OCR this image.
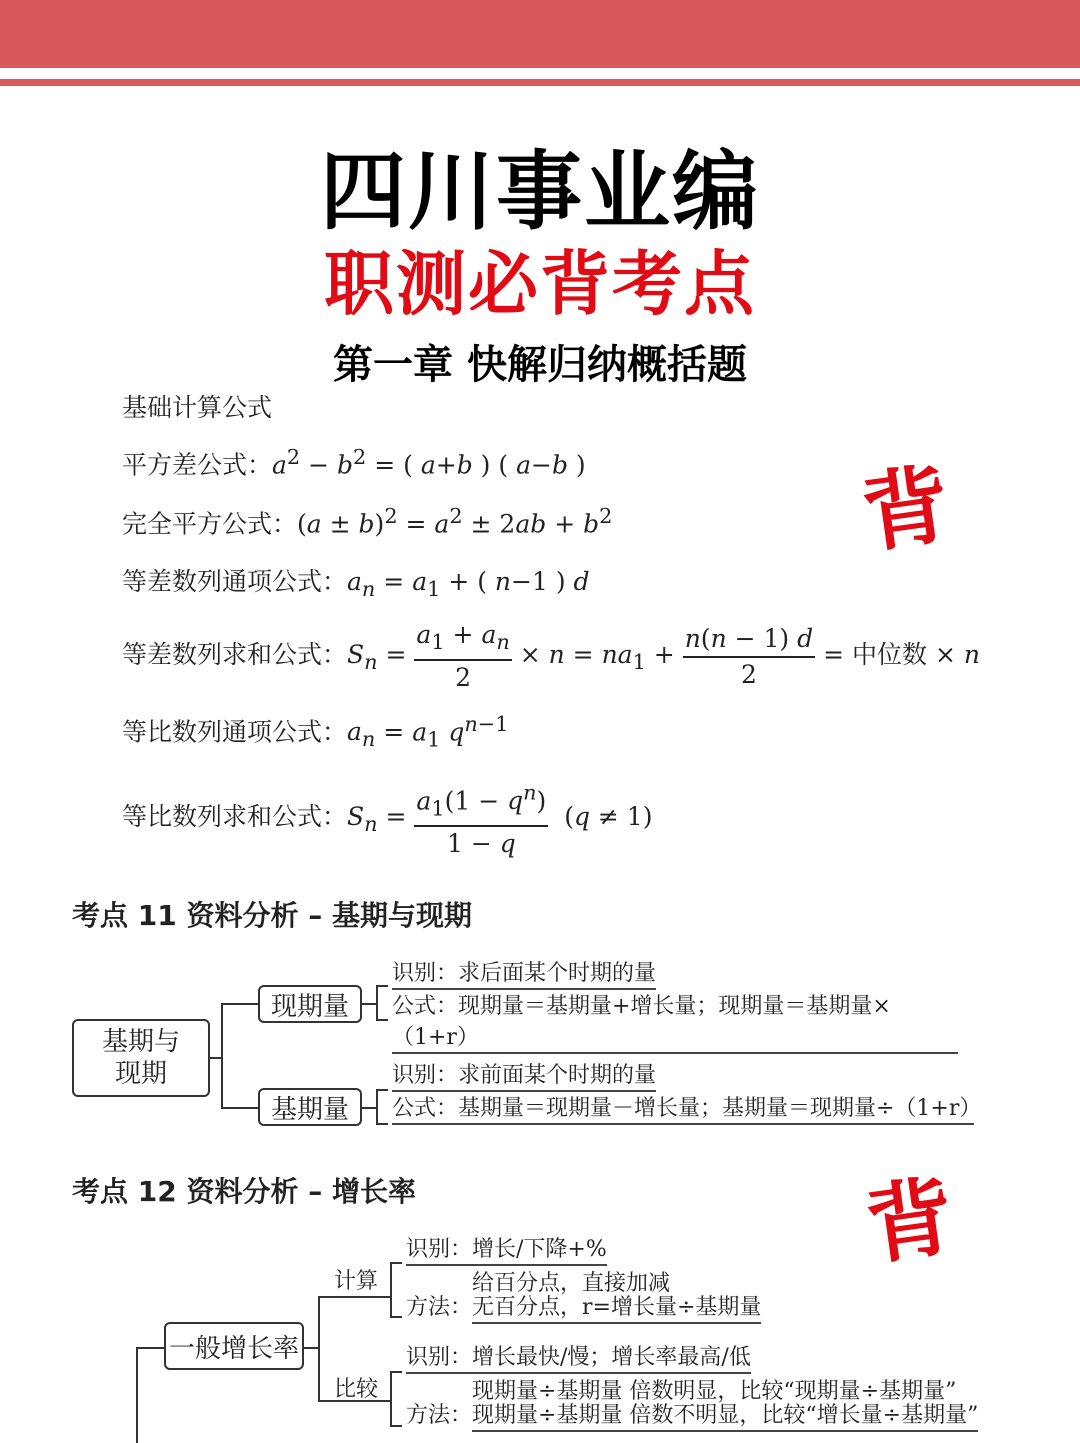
四川事业编
职测必背考点
第一章 快解归纳概括题
背
背
基础计算公式
平方差公式：$a^2 - b^2$ = ( a+b ) ( a−b )
完全平方公式：$(a \pm b)^2 = a^2 \pm 2ab + b^2$
等差数列通项公式：$a_n = a_1$ + ( n−1 ) d
等差数列求和公式：$S_n = \frac{a_1 + a_n}{2} \times n = na_1 + \frac{n(n - 1) d}{2}$ = 中位数 × n
等比数列通项公式：$a_n = a_1$ $q^{n-1}$
等比数列求和公式：$S_n = \frac{a_1(1 - q^n)}{1 - q} (q \ne 1)$
考点 11 资料分析 – 基期与现期
基期与现期
现期量
基期量
识别：求后面某个时期的量
公式：现期量＝基期量+增长量；现期量＝基期量×（1+r）
识别：求前面某个时期的量
公式：基期量＝现期量－增长量；基期量＝现期量÷（1+r）
考点 12 资料分析 – 增长率
一般增长率
计算
比较
识别：增长/下降+%
给百分点，直接加减
方法： 无百分点，r=增长量÷基期量
识别：增长最快/慢；增长率最高/低
现期量÷基期量 倍数明显，比较“现期量÷基期量”
方法： 现期量÷基期量 倍数不明显，比较“增长量÷基期量”
